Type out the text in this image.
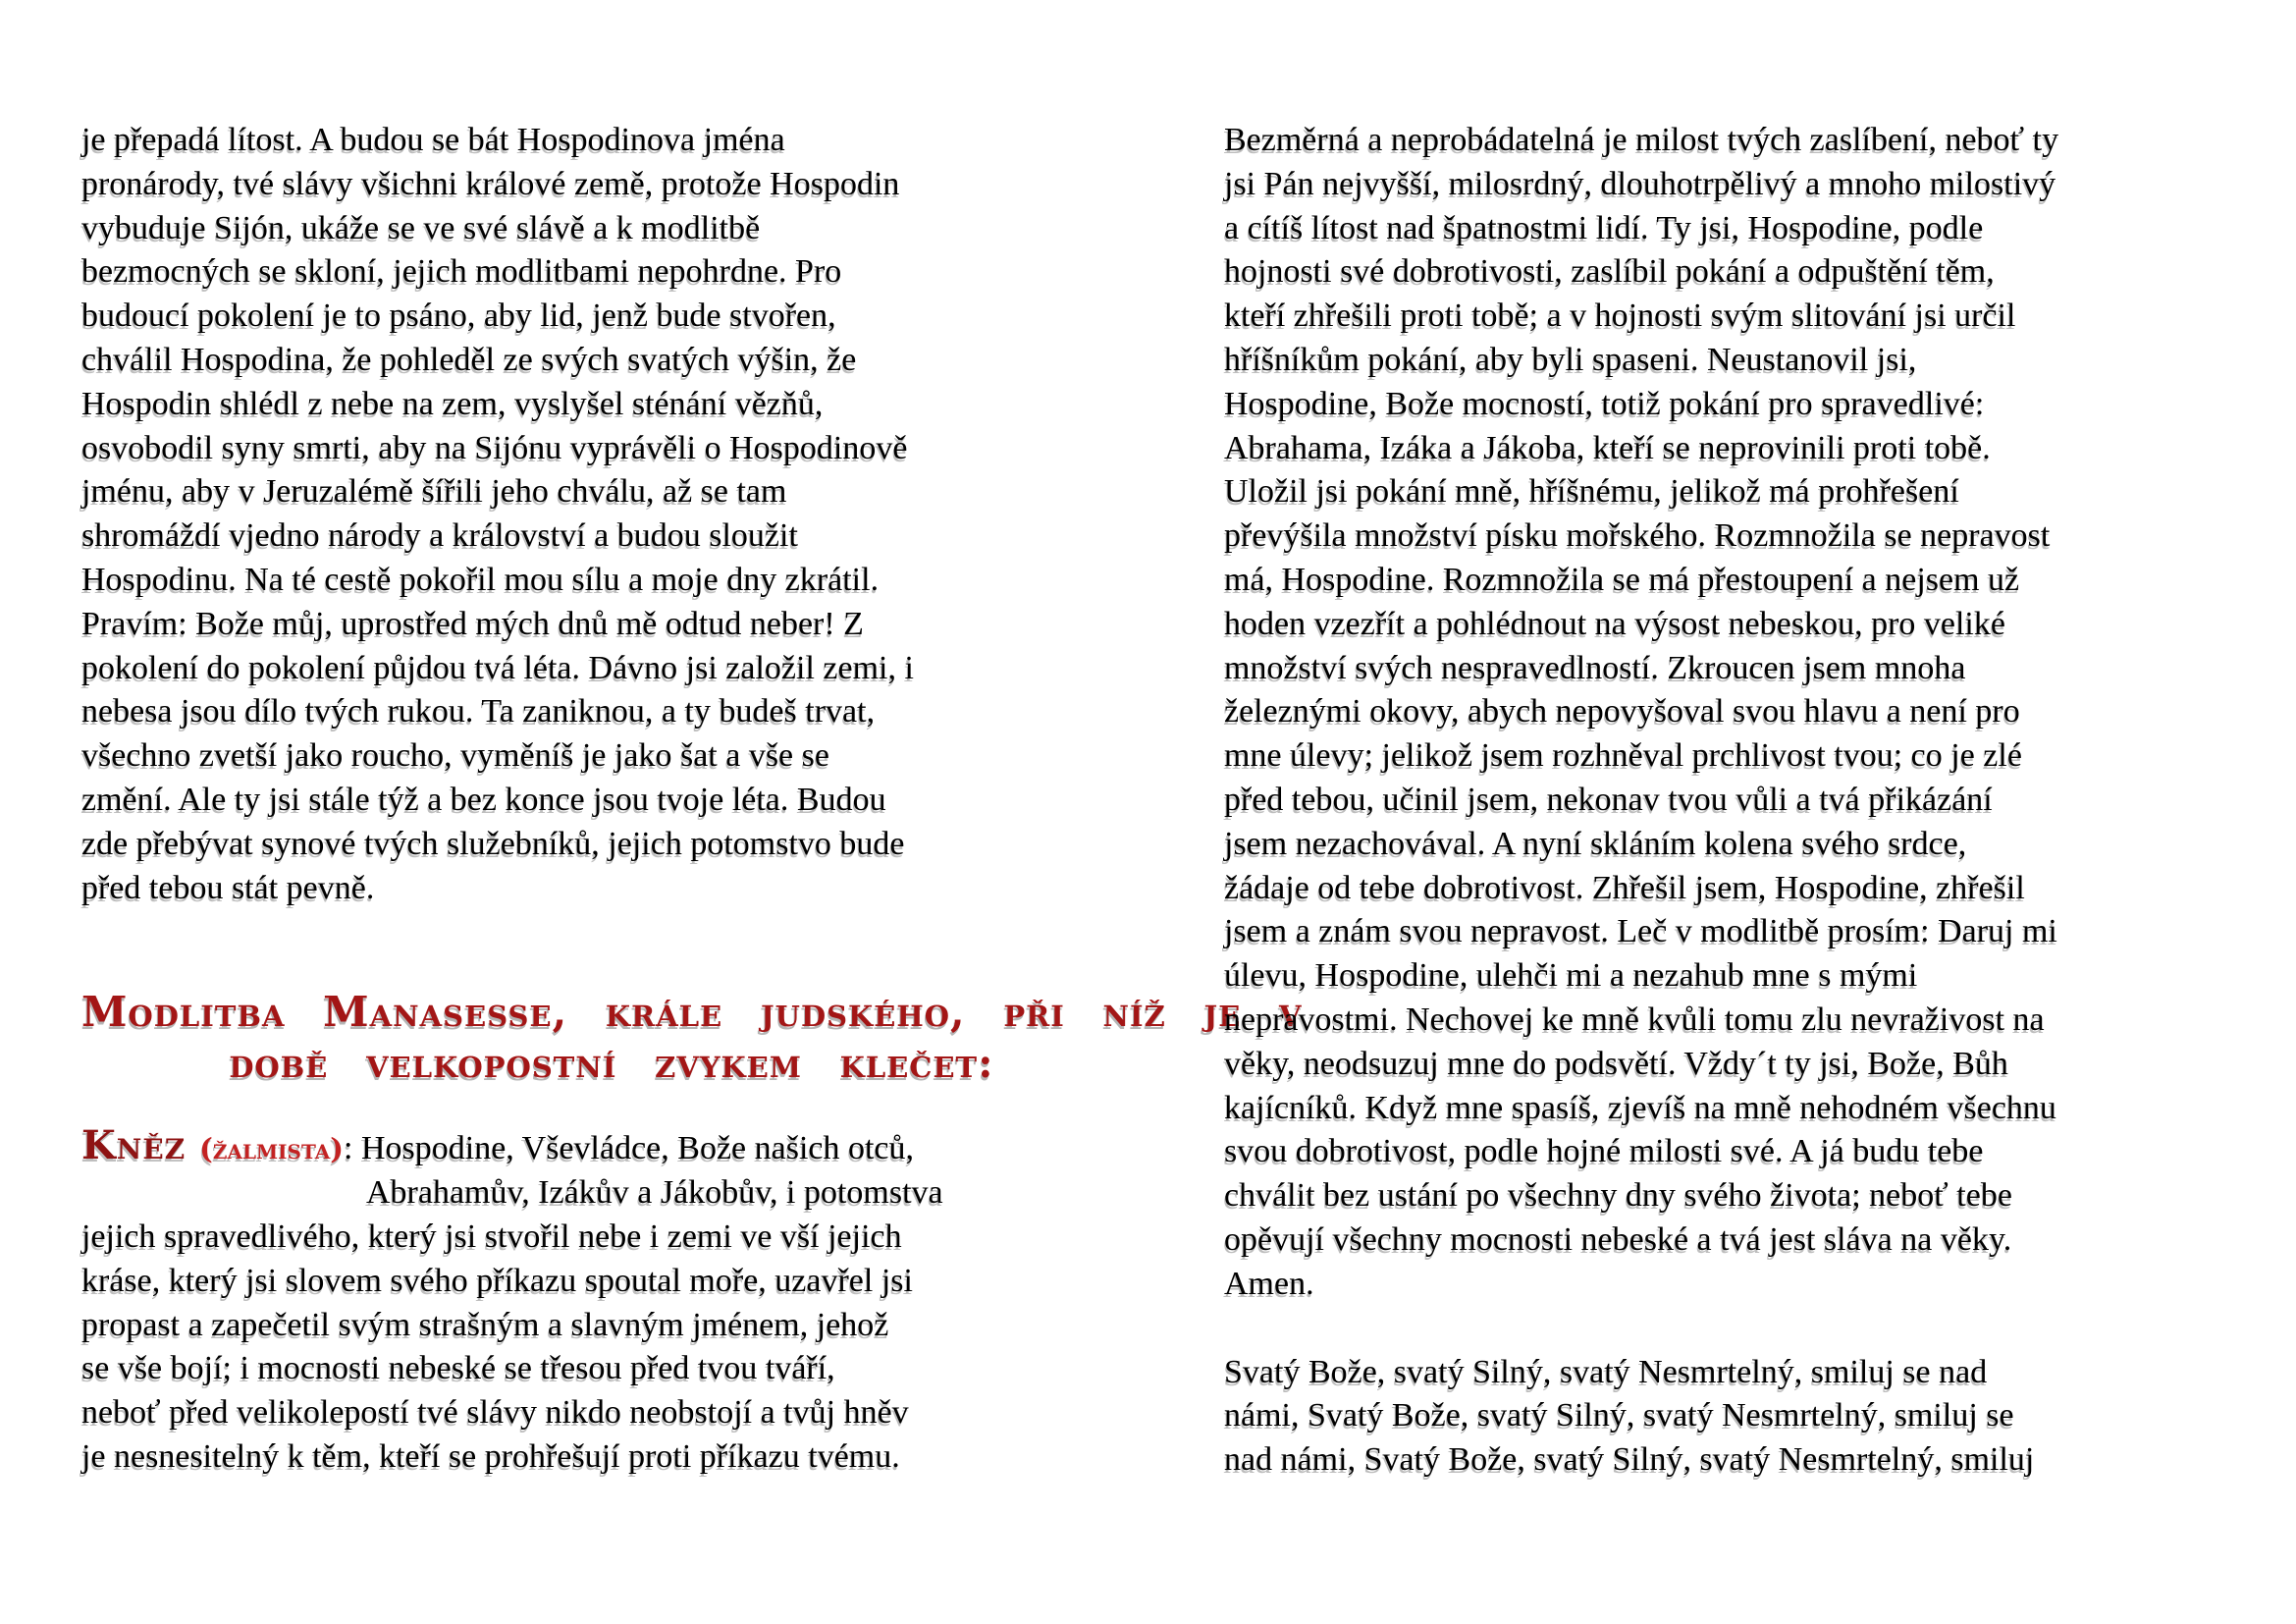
je přepadá lítost. A budou se bát Hospodinova jména
pronárody, tvé slávy všichni králové země, protože Hospodin
vybuduje Sijón, ukáže se ve své slávě a k modlitbě
bezmocných se skloní, jejich modlitbami nepohrdne. Pro
budoucí pokolení je to psáno, aby lid, jenž bude stvořen,
chválil Hospodina, že pohleděl ze svých svatých výšin, že
Hospodin shlédl z nebe na zem, vyslyšel sténání vězňů,
osvobodil syny smrti, aby na Sijónu vyprávěli o Hospodinově
jménu, aby v Jeruzalémě šířili jeho chválu, až se tam
shromáždí vjedno národy a království a budou sloužit
Hospodinu. Na té cestě pokořil mou sílu a moje dny zkrátil.
Pravím: Bože můj, uprostřed mých dnů mě odtud neber! Z
pokolení do pokolení půjdou tvá léta. Dávno jsi založil zemi, i
nebesa jsou dílo tvých rukou. Ta zaniknou, a ty budeš trvat,
všechno zvetší jako roucho, vyměníš je jako šat a vše se
změní. Ale ty jsi stále týž a bez konce jsou tvoje léta. Budou
zde přebývat synové tvých služebníků, jejich potomstvo bude
před tebou stát pevně.
Modlitba Manasesse, krále judského, při níž je v
době velkopostní zvykem klečet:
Kněz (žalmista): Hospodine, Vševládce, Bože našich otců,
Abrahamův, Izákův a Jákobův, i potomstva
jejich spravedlivého, který jsi stvořil nebe i zemi ve vší jejich
kráse, který jsi slovem svého příkazu spoutal moře, uzavřel jsi
propast a zapečetil svým strašným a slavným jménem, jehož
se vše bojí; i mocnosti nebeské se třesou před tvou tváří,
neboť před velikolepostí tvé slávy nikdo neobstojí a tvůj hněv
je nesnesitelný k těm, kteří se prohřešují proti příkazu tvému.
Bezměrná a neprobádatelná je milost tvých zaslíbení, neboť ty
jsi Pán nejvyšší, milosrdný, dlouhotrpělivý a mnoho milostivý
a cítíš lítost nad špatnostmi lidí. Ty jsi, Hospodine, podle
hojnosti své dobrotivosti, zaslíbil pokání a odpuštění těm,
kteří zhřešili proti tobě; a v hojnosti svým slitování jsi určil
hříšníkům pokání, aby byli spaseni. Neustanovil jsi,
Hospodine, Bože mocností, totiž pokání pro spravedlivé:
Abrahama, Izáka a Jákoba, kteří se neprovinili proti tobě.
Uložil jsi pokání mně, hříšnému, jelikož má prohřešení
převýšila množství písku mořského. Rozmnožila se nepravost
má, Hospodine. Rozmnožila se má přestoupení a nejsem už
hoden vzezřít a pohlédnout na výsost nebeskou, pro veliké
množství svých nespravedlností. Zkroucen jsem mnoha
železnými okovy, abych nepovyšoval svou hlavu a není pro
mne úlevy; jelikož jsem rozhněval prchlivost tvou; co je zlé
před tebou, učinil jsem, nekonav tvou vůli a tvá přikázání
jsem nezachovával. A nyní skláním kolena svého srdce,
žádaje od tebe dobrotivost. Zhřešil jsem, Hospodine, zhřešil
jsem a znám svou nepravost. Leč v modlitbě prosím: Daruj mi
úlevu, Hospodine, ulehči mi a nezahub mne s mými
nepravostmi. Nechovej ke mně kvůli tomu zlu nevraživost na
věky, neodsuzuj mne do podsvětí. Vždy´t ty jsi, Bože, Bůh
kajícníků. Když mne spasíš, zjevíš na mně nehodném všechnu
svou dobrotivost, podle hojné milosti své. A já budu tebe
chválit bez ustání po všechny dny svého života; neboť tebe
opěvují všechny mocnosti nebeské a tvá jest sláva na věky.
Amen.
Svatý Bože, svatý Silný, svatý Nesmrtelný, smiluj se nad
námi, Svatý Bože, svatý Silný, svatý Nesmrtelný, smiluj se
nad námi, Svatý Bože, svatý Silný, svatý Nesmrtelný, smiluj
